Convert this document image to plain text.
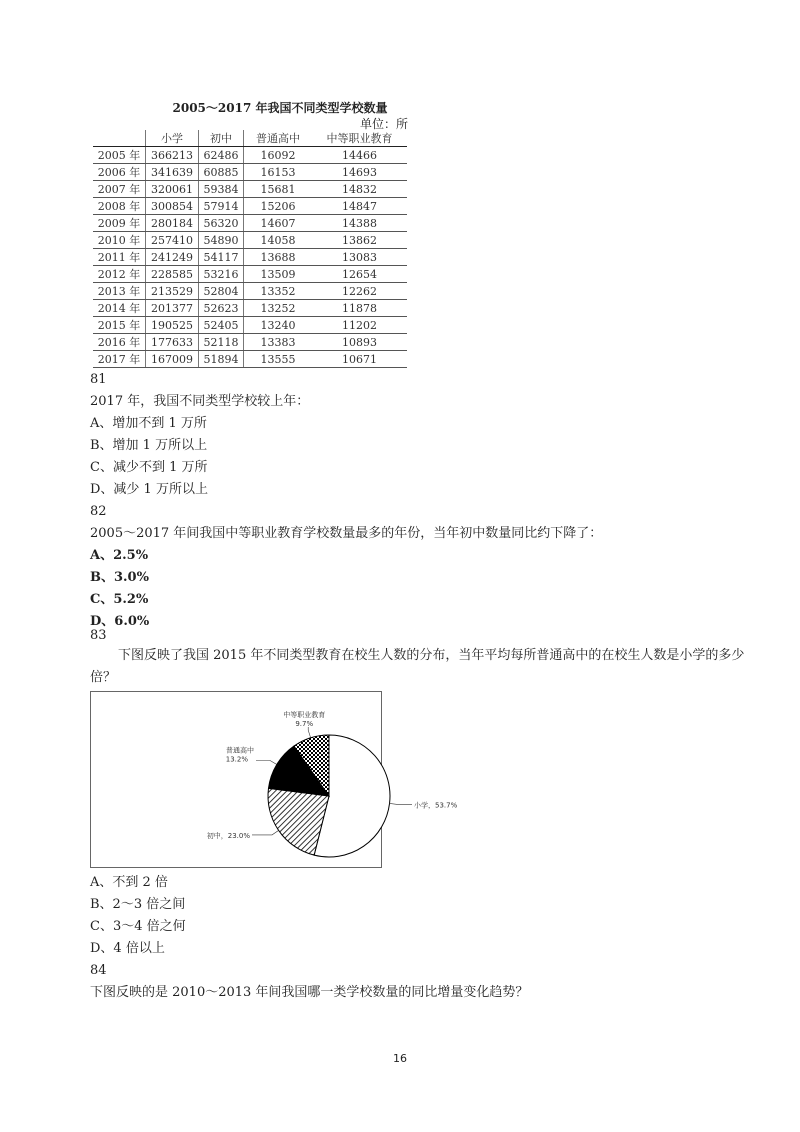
2005～2017 年我国不同类型学校数量
单位：所
	小学	初中	普通高中	中等职业教育
2005 年	366213	62486	16092	14466
2006 年	341639	60885	16153	14693
2007 年	320061	59384	15681	14832
2008 年	300854	57914	15206	14847
2009 年	280184	56320	14607	14388
2010 年	257410	54890	14058	13862
2011 年	241249	54117	13688	13083
2012 年	228585	53216	13509	12654
2013 年	213529	52804	13352	12262
2014 年	201377	52623	13252	11878
2015 年	190525	52405	13240	11202
2016 年	177633	52118	13383	10893
2017 年	167009	51894	13555	10671
81
2017 年，我国不同类型学校较上年：
A、增加不到 1 万所
B、增加 1 万所以上
C、减少不到 1 万所
D、减少 1 万所以上
82
2005～2017 年间我国中等职业教育学校数量最多的年份，当年初中数量同比约下降了：
A、2.5%
B、3.0%
C、5.2%
D、6.0%
83
下图反映了我国 2015 年不同类型教育在校生人数的分布，当年平均每所普通高中的在校生人数是小学的多少倍？
小学，53.7%
初中，23.0%
普通高中
13.2%
中等职业教育
9.7%
A、不到 2 倍
B、2～3 倍之间
C、3～4 倍之何
D、4 倍以上
84
下图反映的是 2010～2013 年间我国哪一类学校数量的同比增量变化趋势？
16
